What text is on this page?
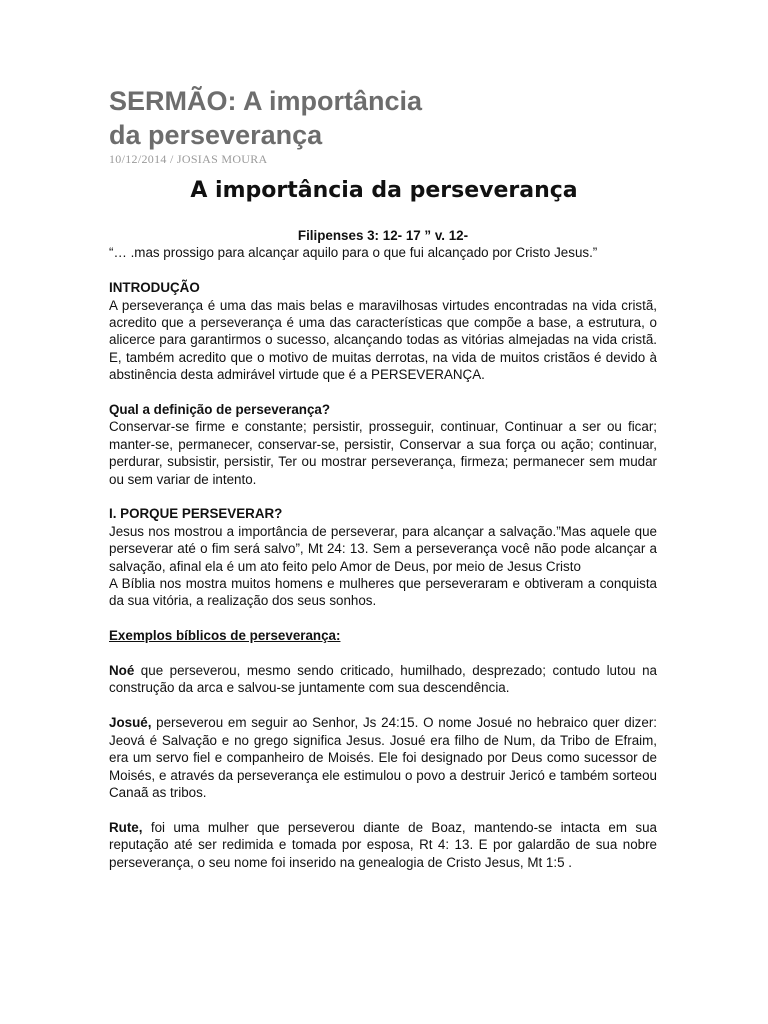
SERMÃO: A importância
da perseverança
10/12/2014 / JOSIAS MOURA
A importância da perseverança

Filipenses 3: 12- 17 ” v. 12-

“… .mas prossigo para alcançar aquilo para o que fui alcançado por Cristo Jesus.”

INTRODUÇÃO

A perseverança é uma das mais belas e maravilhosas virtudes encontradas na vida cristã, acredito que a perseverança é uma das características que compõe a base, a estrutura, o alicerce para garantirmos o sucesso, alcançando todas as vitórias almejadas na vida cristã. E, também acredito que o motivo de muitas derrotas, na vida de muitos cristãos é devido à abstinência desta admirável virtude que é a PERSEVERANÇA.

Qual a definição de perseverança?

Conservar-se firme e constante; persistir, prosseguir, continuar, Continuar a ser ou ficar; manter-se, permanecer, conservar-se, persistir, Conservar a sua força ou ação; continuar, perdurar, subsistir, persistir, Ter ou mostrar perseverança, firmeza; permanecer sem mudar ou sem variar de intento.

I. PORQUE PERSEVERAR?

Jesus nos mostrou a importância de perseverar, para alcançar a salvação.”Mas aquele que perseverar até o fim será salvo”, Mt 24: 13. Sem a perseverança você não pode alcançar a salvação, afinal ela é um ato feito pelo Amor de Deus, por meio de Jesus Cristo

A Bíblia nos mostra muitos homens e mulheres que perseveraram e obtiveram a conquista da sua vitória, a realização dos seus sonhos.

Exemplos bíblicos de perseverança:

Noé que perseverou, mesmo sendo criticado, humilhado, desprezado; contudo lutou na construção da arca e salvou-se juntamente com sua descendência.

Josué, perseverou em seguir ao Senhor, Js 24:15. O nome Josué no hebraico quer dizer: Jeová é Salvação e no grego significa Jesus. Josué era filho de Num, da Tribo de Efraim, era um servo fiel e companheiro de Moisés. Ele foi designado por Deus como sucessor de Moisés, e através da perseverança ele estimulou o povo a destruir Jericó e também sorteou Canaã as tribos.

Rute, foi uma mulher que perseverou diante de Boaz, mantendo-se intacta em sua reputação até ser redimida e tomada por esposa, Rt 4: 13. E por galardão de sua nobre perseverança, o seu nome foi inserido na genealogia de Cristo Jesus, Mt 1:5 .
